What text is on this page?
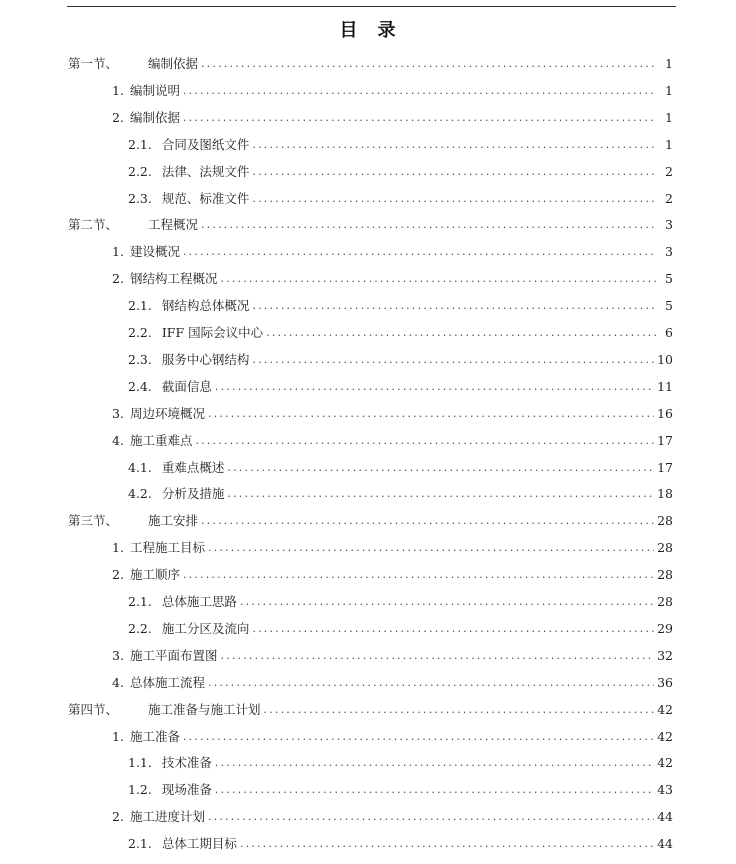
目　录
第一节、	编制依据 .....	1
1. 编制说明 .....	1
2. 编制依据 .....	1
2.1. 合同及图纸文件 .....	1
2.2. 法律、法规文件 .....	2
2.3. 规范、标准文件 .....	2
第二节、	工程概况 .....	3
1. 建设概况 .....	3
2. 钢结构工程概况 .....	5
2.1. 钢结构总体概况 .....	5
2.2. IFF 国际会议中心 .....	6
2.3. 服务中心钢结构 .....	10
2.4. 截面信息 .....	11
3. 周边环境概况 .....	16
4. 施工重难点 .....	17
4.1. 重难点概述 .....	17
4.2. 分析及措施 .....	18
第三节、	施工安排 .....	28
1. 工程施工目标 .....	28
2. 施工顺序 .....	28
2.1. 总体施工思路 .....	28
2.2. 施工分区及流向 .....	29
3. 施工平面布置图 .....	32
4. 总体施工流程 .....	36
第四节、	施工准备与施工计划 .....	42
1. 施工准备 .....	42
1.1. 技术准备 .....	42
1.2. 现场准备 .....	43
2. 施工进度计划 .....	44
2.1. 总体工期目标 .....	44
